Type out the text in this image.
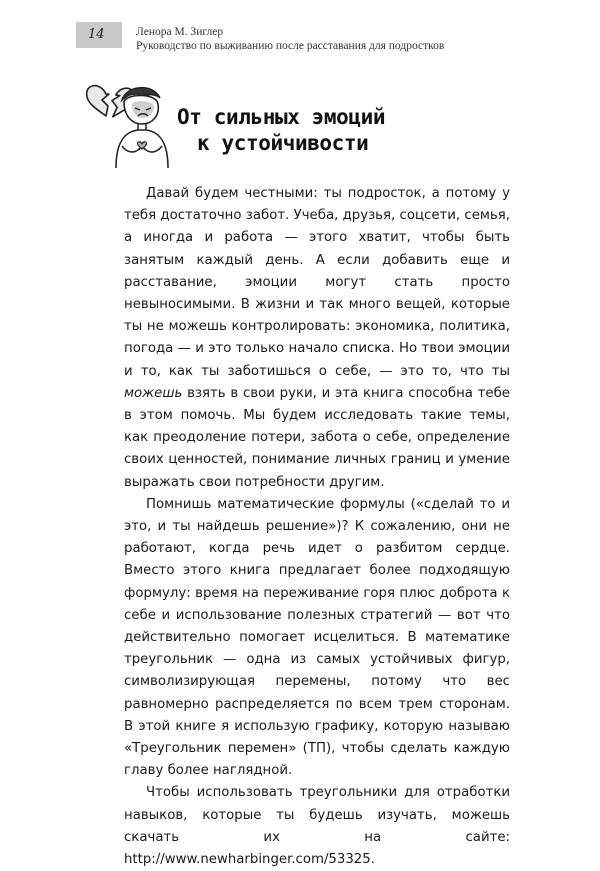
14	Ленора М. Зиглер
Руководство по выживанию после расставания для подростков
От сильных эмоций
к устойчивости

Давай будем честными: ты подросток, а потому у тебя достаточно забот. Учеба, друзья, соцсети, семья, а иногда и работа — этого хватит, чтобы быть занятым каждый день. А если добавить еще и расставание, эмоции могут стать просто невыносимыми. В жизни и так много вещей, которые ты не можешь контролировать: экономика, политика, погода — и это только начало списка. Но твои эмоции и то, как ты заботишься о себе, — это то, что ты можешь взять в свои руки, и эта книга способна тебе в этом помочь. Мы будем исследовать такие темы, как преодоление потери, забота о себе, определение своих ценностей, понимание личных границ и умение выражать свои потребности другим.

Помнишь математические формулы («сделай то и это, и ты найдешь решение»)? К сожалению, они не работают, когда речь идет о разбитом сердце. Вместо этого книга предлагает более подходящую формулу: время на переживание горя плюс доброта к себе и использование полезных стратегий — вот что действительно помогает исцелиться. В математике треугольник — одна из самых устойчивых фигур, символизирующая перемены, потому что вес равномерно распределяется по всем трем сторонам. В этой книге я использую графику, которую называю «Треугольник перемен» (ТП), чтобы сделать каждую главу более наглядной.

Чтобы использовать треугольники для отработки навыков, которые ты будешь изучать, можешь скачать их на сайте: http://www.newharbinger.com/53325.
